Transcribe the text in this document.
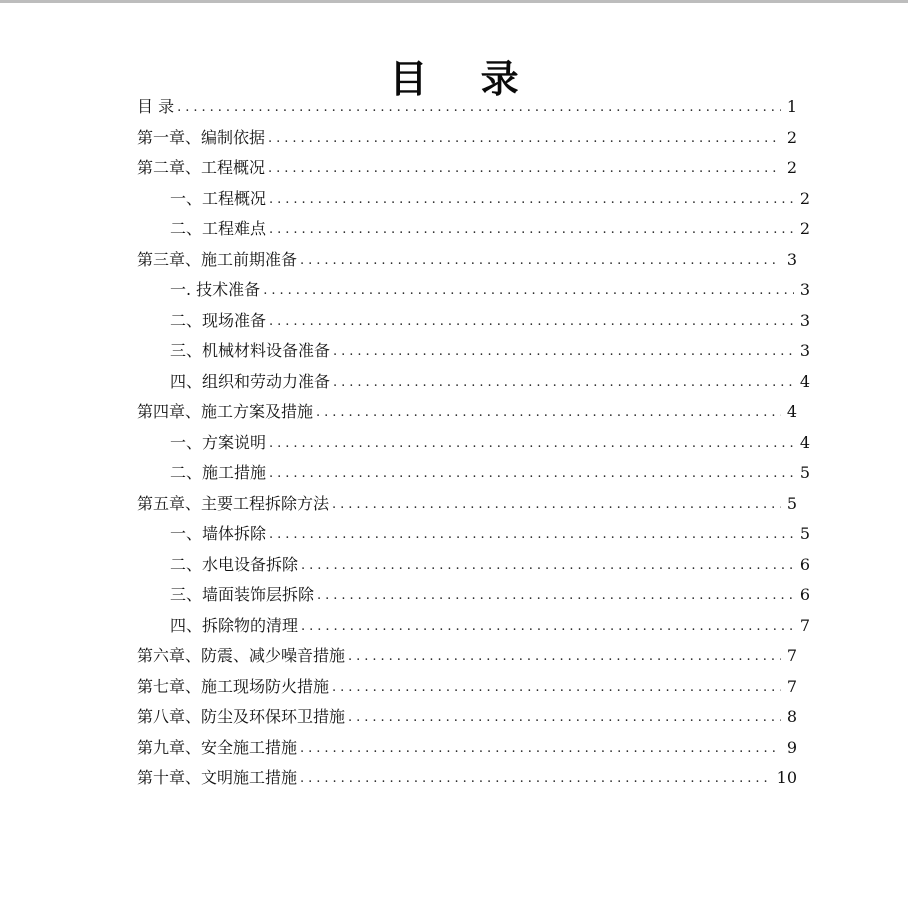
目 录
目 录 .....	1
第一章、编制依据 .....	2
第二章、工程概况 .....	2
一、工程概况 .....	2
二、工程难点 .....	2
第三章、施工前期准备 .....	3
一. 技术准备 .....	3
二、现场准备 .....	3
三、机械材料设备准备 .....	3
四、组织和劳动力准备 .....	4
第四章、施工方案及措施 .....	4
一、方案说明 .....	4
二、施工措施 .....	5
第五章、主要工程拆除方法 .....	5
一、墙体拆除 .....	5
二、水电设备拆除 .....	6
三、墙面装饰层拆除 .....	6
四、拆除物的清理 .....	7
第六章、防震、减少噪音措施 .....	7
第七章、施工现场防火措施 .....	7
第八章、防尘及环保环卫措施 .....	8
第九章、安全施工措施 .....	9
第十章、文明施工措施 .....	10
